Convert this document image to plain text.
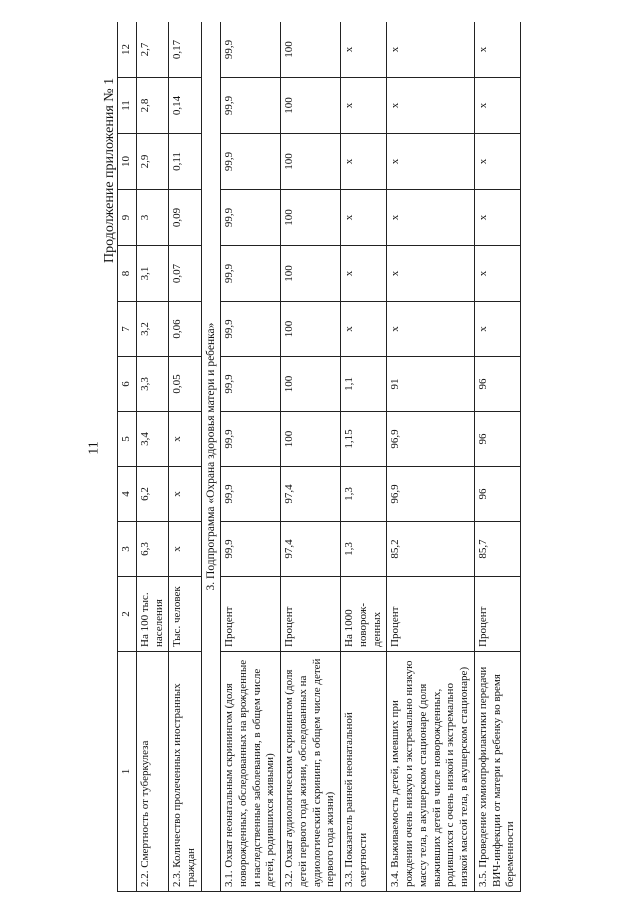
11
Продолжение приложения № 1
1	2	3	4	5	6	7	8	9	10	11	12
2.2. Смертность от туберкулеза	На 100 тыс. населения	6,3	6,2	3,4	3,3	3,2	3,1	3	2,9	2,8	2,7
2.3. Количество пролеченных иностранных граждан	Тыс. человек	x	x	x	0,05	0,06	0,07	0,09	0,11	0,14	0,17
3. Подпрограмма «Охрана здоровья матери и ребенка»											
3.1. Охват неонатальным скринингом (доля новорожденных, обследованных на врожденные и наследственные заболевания, в общем числе детей, родившихся живыми)	Процент	99,9	99,9	99,9	99,9	99,9	99,9	99,9	99,9	99,9	99,9
3.2. Охват аудиологическим скринингом (доля детей первого года жизни, обследованных на аудиологический скрининг, в общем числе детей первого года жизни)	Процент	97,4	97,4	100	100	100	100	100	100	100	100
3.3. Показатель ранней неонатальной смертности	На 1000 новорож-денных	1,3	1,3	1,15	1,1	x	x	x	x	x	x
3.4. Выживаемость детей, имевших при рождении очень низкую и экстремально низкую массу тела, в акушерском стационаре (доля выживших детей в числе новорожденных, родившихся с очень низкой и экстремально низкой массой тела, в акушерском стационаре)	Процент	85,2	96,9	96,9	91	x	x	x	x	x	x
3.5. Проведение химиопрофилактики передачи ВИЧ-инфекции от матери к ребенку во время беременности	Процент	85,7	96	96	96	x	x	x	x	x	x
